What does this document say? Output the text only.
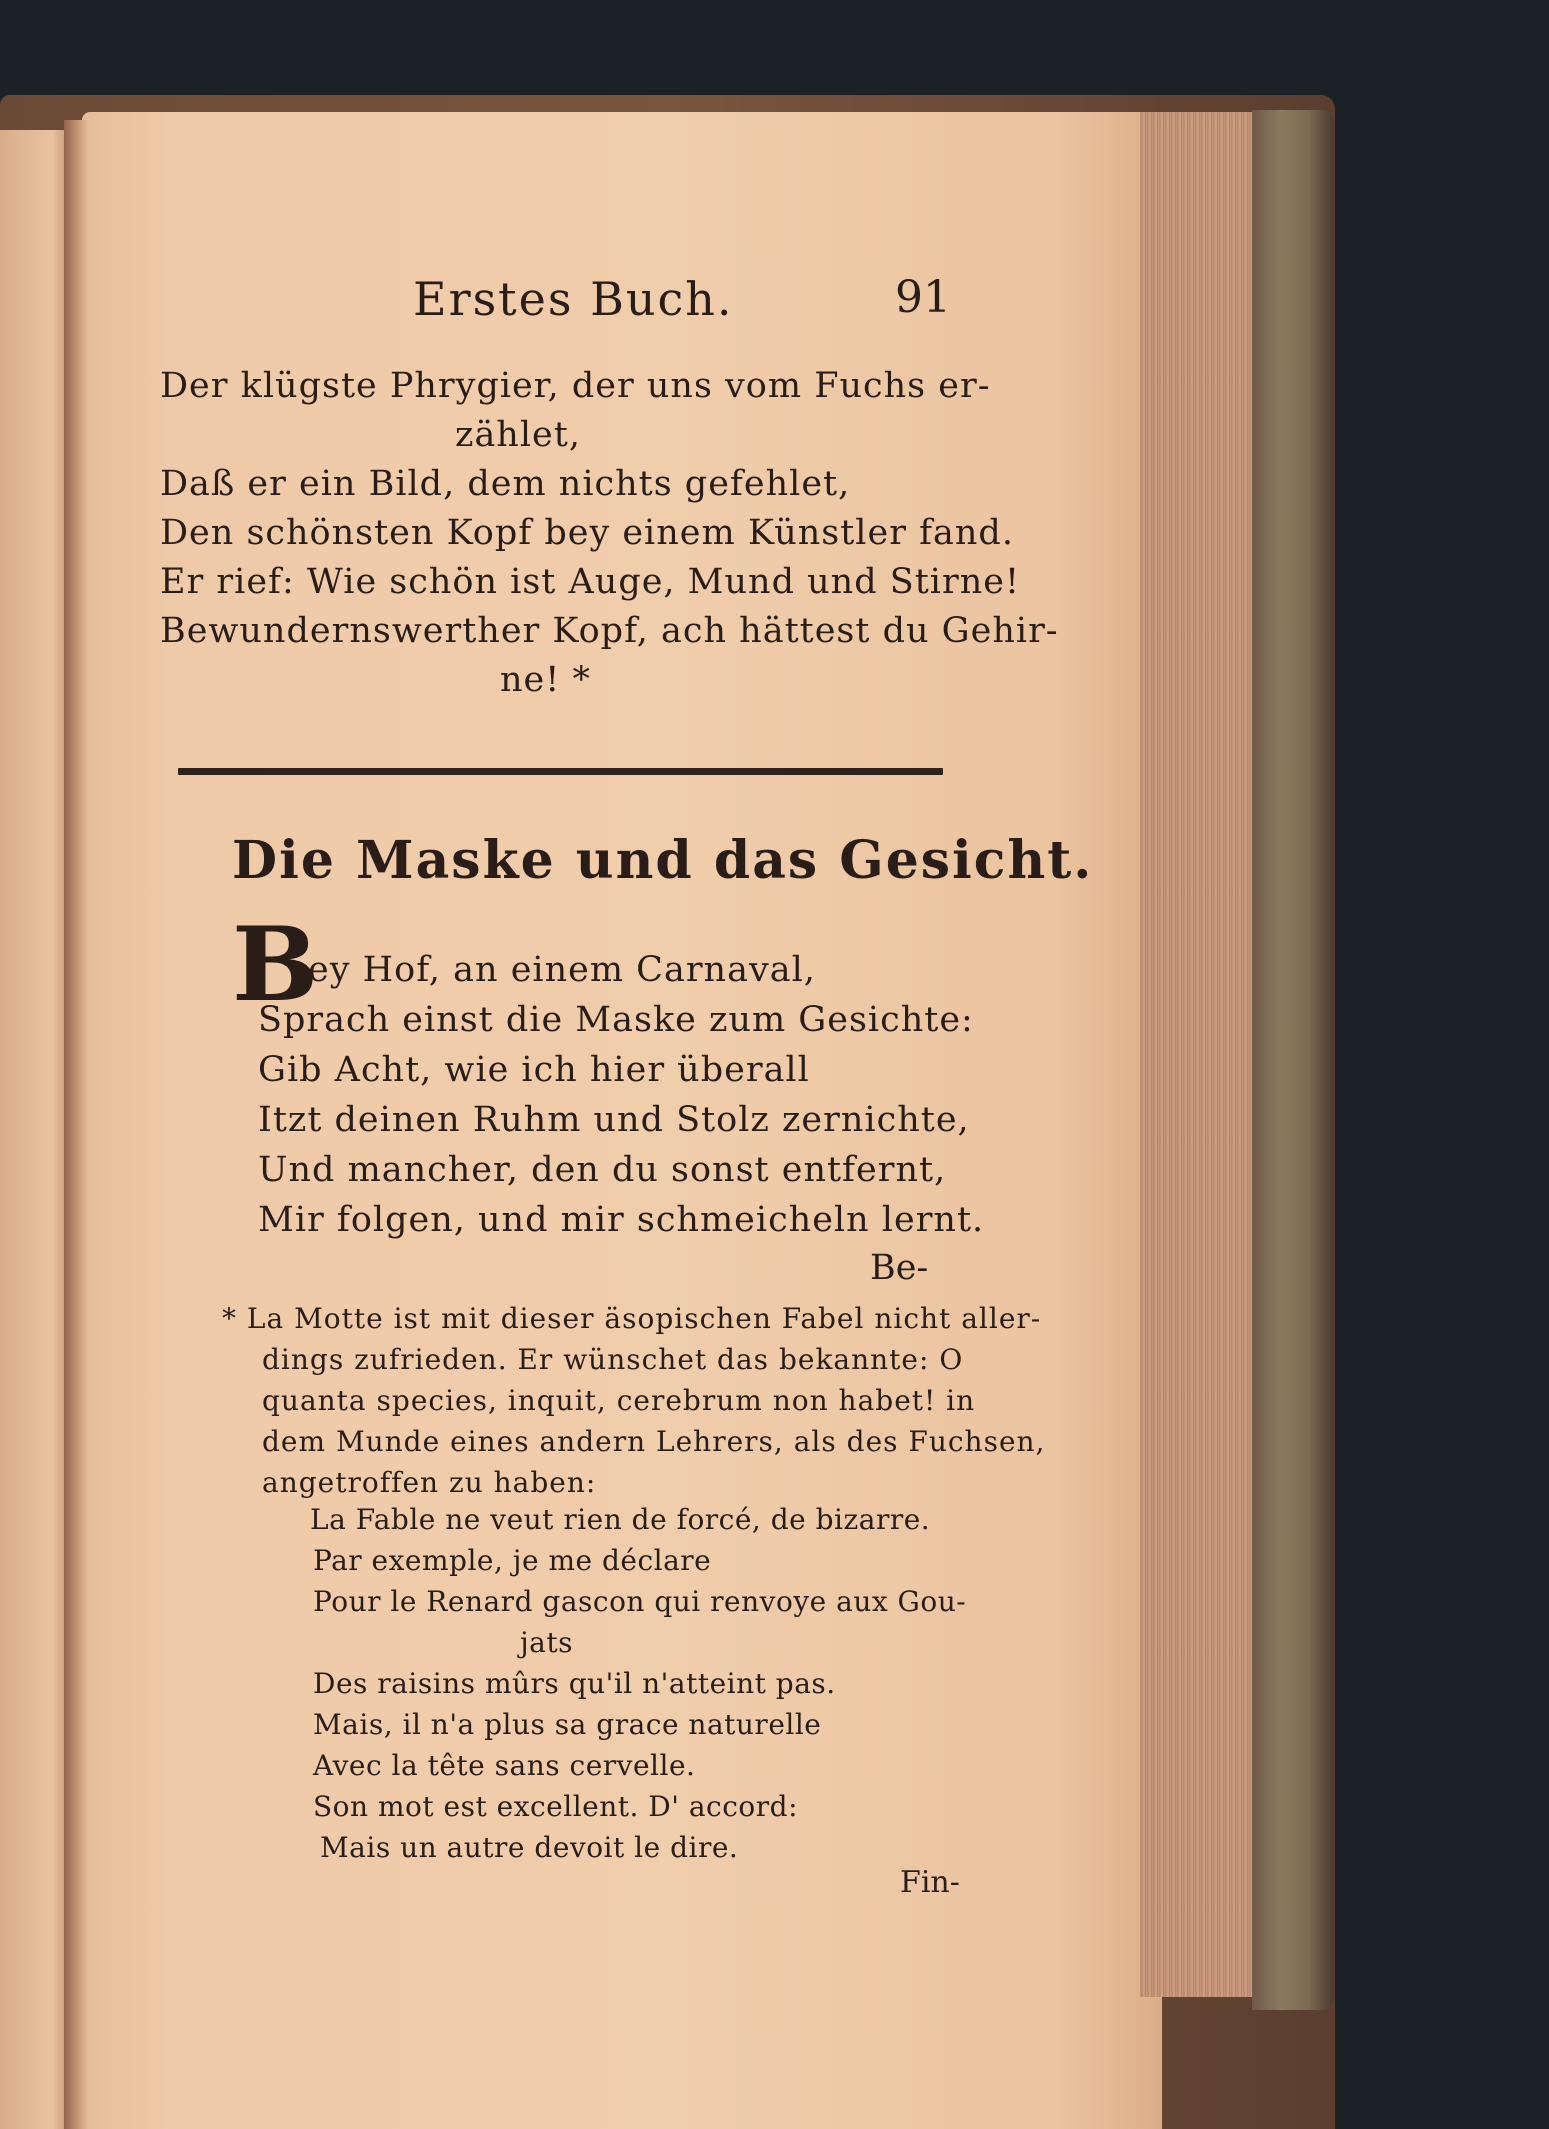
Erstes Buch.	91
Der klügste Phrygier, der uns vom Fuchs er-
zählet,
Daß er ein Bild, dem nichts gefehlet,
Den schönsten Kopf bey einem Künstler fand.
Er rief: Wie schön ist Auge, Mund und Stirne!
Bewundernswerther Kopf, ach hättest du Gehir-
ne! *
Die Maske und das Gesicht.
B
ey Hof, an einem Carnaval,
Sprach einst die Maske zum Gesichte:
Gib Acht, wie ich hier überall
Itzt deinen Ruhm und Stolz zernichte,
Und mancher, den du sonst entfernt,
Mir folgen, und mir schmeicheln lernt.
Be-
* La Motte ist mit dieser äsopischen Fabel nicht aller-
dings zufrieden. Er wünschet das bekannte: O
quanta species, inquit, cerebrum non habet! in
dem Munde eines andern Lehrers, als des Fuchsen,
angetroffen zu haben:
La Fable ne veut rien de forcé, de bizarre.
Par exemple, je me déclare
Pour le Renard gascon qui renvoye aux Gou-
jats
Des raisins mûrs qu'il n'atteint pas.
Mais, il n'a plus sa grace naturelle
Avec la tête sans cervelle.
Son mot est excellent. D' accord:
Mais un autre devoit le dire.
Fin-
